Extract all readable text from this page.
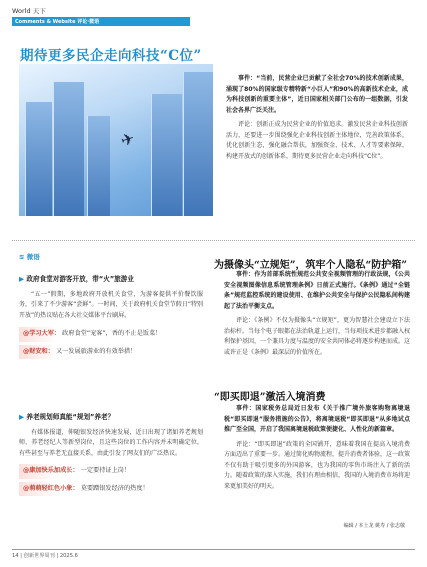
World 天下
Comments & Website 评论·微语
期待更多民企走向科技“C位”
✈

事件：“当前，民营企业已贡献了全社会70%的技术创新成果，涌现了80%的国家级专精特新“小巨人”和90%的高新技术企业，成为科技创新的重要主体”，近日国家相关部门公布的一组数据，引发社会各界广泛关注。

评论：创新正成为民营企业的价值追求。激发民营企业科技创新活力，还要进一步围绕强化企业科技创新主体地位，完善政策体系，优化创新生态，强化融合帮扶，加强资金、技术、人才等要素保障，构建开放式的创新体系，期待更多民营企业走向科技“C位”。

≋ 微语
▶ 政府食堂对游客开放，带“火”旅游业

“五一”假期，多地政府开放机关食堂，为游客提供平价餐饮服务，引来了不少游客“尝鲜”。一时间，关于政府机关食堂节假日“特别开放”的热议贴在各大社交媒体平台刷屏。

@学习大军： 政府食堂“宠客”，香的不止是饭菜！
@财安和： 又一发展旅游业的有效举措！
▶ 养老规划师真能“规划”养老？

有媒体报道，伸随银发经济快速发展，近日出现了诸如养老规划师、养老经纪人等新型岗位，且这些岗位的工作内容并未明确定位，有些甚至与养老无直接关系，由此引发了网友们的广泛热议。

@康加快乐加成长： 一定要持证上岗！
@萌萌轻红色小象： 莫要蹭银发经济的热度！
为摄像头“立规矩”，筑牢个人隐私“防护箱”

事件：作为首部系统性规范公共安全视频管理的行政法规，《公共安全视频图像信息系统管理条例》日前正式施行。《条例》通过“全链条”规范监控系统的建设使用、在维护公共安全与保护公民隐私间构建起了法治平衡支点。

评论：《条例》不仅为摄像头“立规矩”，更为智慧社会建设立下法治标杆。当每个电子眼都在法治轨道上运行，当每项技术进步都融入权利保护基因，一个兼具力度与温度的安全共同体必将逐步构建而成。这或许正是《条例》最深层的价值所在。

“即买即退”激活入境消费

事件：国家税务总局近日发布《关于推广境外旅客购物离境退税“即买即退”服务措施的公告》，将离境退税“即买即退”从多地试点推广至全国，开启了我国离境退税政策便捷化、人性化的新篇章。

评论：“即买即退”政策的全国铺开，意味着我国在提高入境消费方面迈出了重要一步。通过简化购物流程，提升消费者体验，这一政策不仅有助于吸引更多的外国游客，也为我国的零售市场注入了新的活力。随着政策的深入实施，我们有理由相信，我国的入境消费市场将迎来更加美好的明天。

编辑 / 本土龙 姚寿 / 张志敬
14 | 创新世界周刊 | 2025.6
